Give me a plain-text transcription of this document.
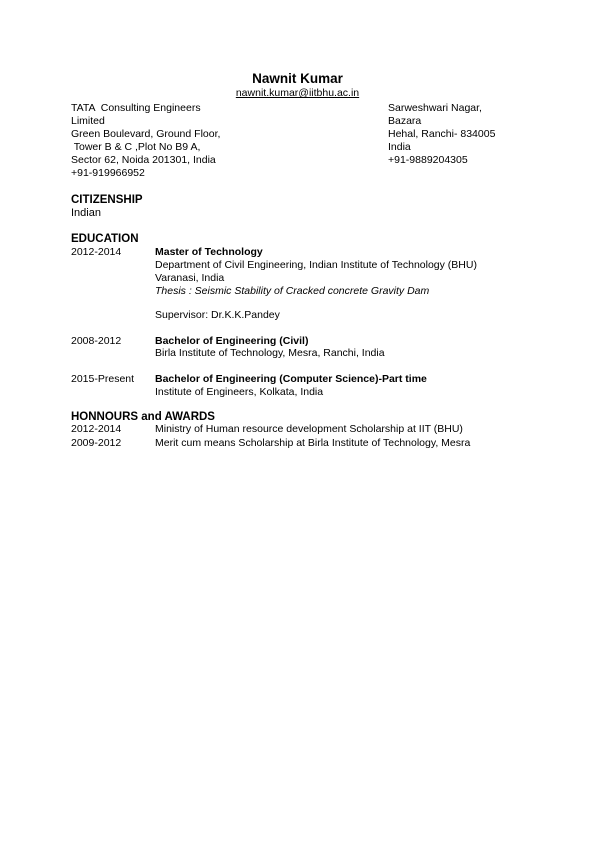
Nawnit Kumar
nawnit.kumar@iitbhu.ac.in
TATA  Consulting Engineers
Limited
Green Boulevard, Ground Floor,
Tower B & C ,Plot No B9 A,
Sector 62, Noida 201301, India
+91-919966952
Sarweshwari Nagar,
Bazara
Hehal, Ranchi- 834005
India
+91-9889204305
CITIZENSHIP
Indian
EDUCATION
2012-2014	Master of Technology
Department of Civil Engineering, Indian Institute of Technology (BHU)
Varanasi, India
Thesis : Seismic Stability of Cracked concrete Gravity Dam
Supervisor: Dr.K.K.Pandey
2008-2012	Bachelor of Engineering (Civil)
Birla Institute of Technology, Mesra, Ranchi, India
2015-Present Bachelor of Engineering (Computer Science)-Part time
Institute of Engineers, Kolkata, India
HONNOURS and AWARDS
2012-2014	Ministry of Human resource development Scholarship at IIT (BHU)
2009-2012	Merit cum means Scholarship at Birla Institute of Technology, Mesra
